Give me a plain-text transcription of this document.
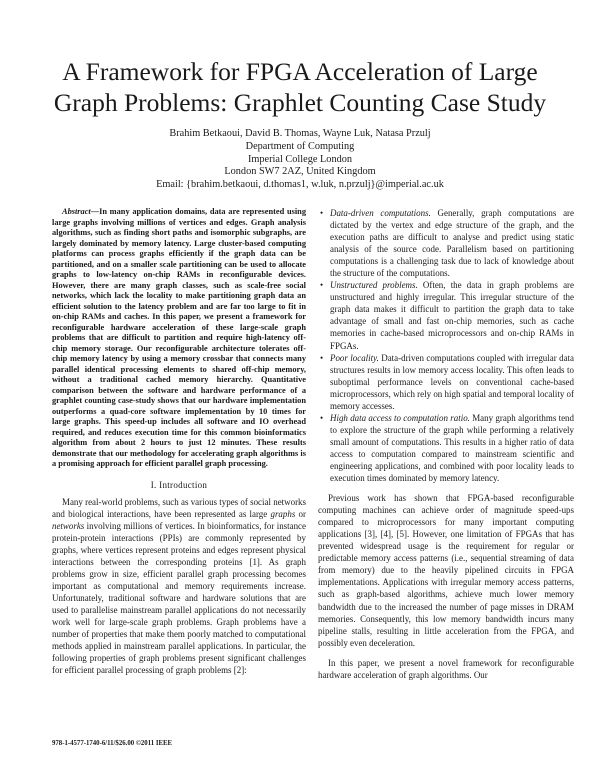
A Framework for FPGA Acceleration of Large Graph Problems: Graphlet Counting Case Study
Brahim Betkaoui, David B. Thomas, Wayne Luk, Natasa Przulj
Department of Computing
Imperial College London
London SW7 2AZ, United Kingdom
Email: {brahim.betkaoui, d.thomas1, w.luk, n.przulj}@imperial.ac.uk

Abstract—In many application domains, data are represented using large graphs involving millions of vertices and edges. Graph analysis algorithms, such as finding short paths and isomorphic subgraphs, are largely dominated by memory latency. Large cluster-based computing platforms can process graphs efficiently if the graph data can be partitioned, and on a smaller scale partitioning can be used to allocate graphs to low-latency on-chip RAMs in reconfigurable devices. However, there are many graph classes, such as scale-free social networks, which lack the locality to make partitioning graph data an efficient solution to the latency problem and are far too large to fit in on-chip RAMs and caches. In this paper, we present a framework for reconfigurable hardware acceleration of these large-scale graph problems that are difficult to partition and require high-latency off-chip memory storage. Our reconfigurable architecture tolerates off-chip memory latency by using a memory crossbar that connects many parallel identical processing elements to shared off-chip memory, without a traditional cached memory hierarchy. Quantitative comparison between the software and hardware performance of a graphlet counting case-study shows that our hardware implementation outperforms a quad-core software implementation by 10 times for large graphs. This speed-up includes all software and IO overhead required, and reduces execution time for this common bioinformatics algorithm from about 2 hours to just 12 minutes. These results demonstrate that our methodology for accelerating graph algorithms is a promising approach for efficient parallel graph processing.

I. Introduction

Many real-world problems, such as various types of social networks and biological interactions, have been represented as large graphs or networks involving millions of vertices. In bioinformatics, for instance protein-protein interactions (PPIs) are commonly represented by graphs, where vertices represent proteins and edges represent physical interactions between the corresponding proteins [1]. As graph problems grow in size, efficient parallel graph processing becomes important as computational and memory requirements increase. Unfortunately, traditional software and hardware solutions that are used to parallelise mainstream parallel applications do not necessarily work well for large-scale graph problems. Graph problems have a number of properties that make them poorly matched to computational methods applied in mainstream parallel applications. In particular, the following properties of graph problems present significant challenges for efficient parallel processing of graph problems [2]:

• Data-driven computations. Generally, graph computations are dictated by the vertex and edge structure of the graph, and the execution paths are difficult to analyse and predict using static analysis of the source code. Parallelism based on partitioning computations is a challenging task due to lack of knowledge about the structure of the computations.
• Unstructured problems. Often, the data in graph problems are unstructured and highly irregular. This irregular structure of the graph data makes it difficult to partition the graph data to take advantage of small and fast on-chip memories, such as cache memories in cache-based microprocessors and on-chip RAMs in FPGAs.
• Poor locality. Data-driven computations coupled with irregular data structures results in low memory access locality. This often leads to suboptimal performance levels on conventional cache-based microprocessors, which rely on high spatial and temporal locality of memory accesses.
• High data access to computation ratio. Many graph algorithms tend to explore the structure of the graph while performing a relatively small amount of computations. This results in a higher ratio of data access to computation compared to mainstream scientific and engineering applications, and combined with poor locality leads to execution times dominated by memory latency.

Previous work has shown that FPGA-based reconfigurable computing machines can achieve order of magnitude speed-ups compared to microprocessors for many important computing applications [3], [4], [5]. However, one limitation of FPGAs that has prevented widespread usage is the requirement for regular or predictable memory access patterns (i.e., sequential streaming of data from memory) due to the heavily pipelined circuits in FPGA implementations. Applications with irregular memory access patterns, such as graph-based algorithms, achieve much lower memory bandwidth due to the increased the number of page misses in DRAM memories. Consequently, this low memory bandwidth incurs many pipeline stalls, resulting in little acceleration from the FPGA, and possibly even deceleration.

In this paper, we present a novel framework for reconfigurable hardware acceleration of graph algorithms. Our

978-1-4577-1740-6/11/$26.00 ©2011 IEEE
